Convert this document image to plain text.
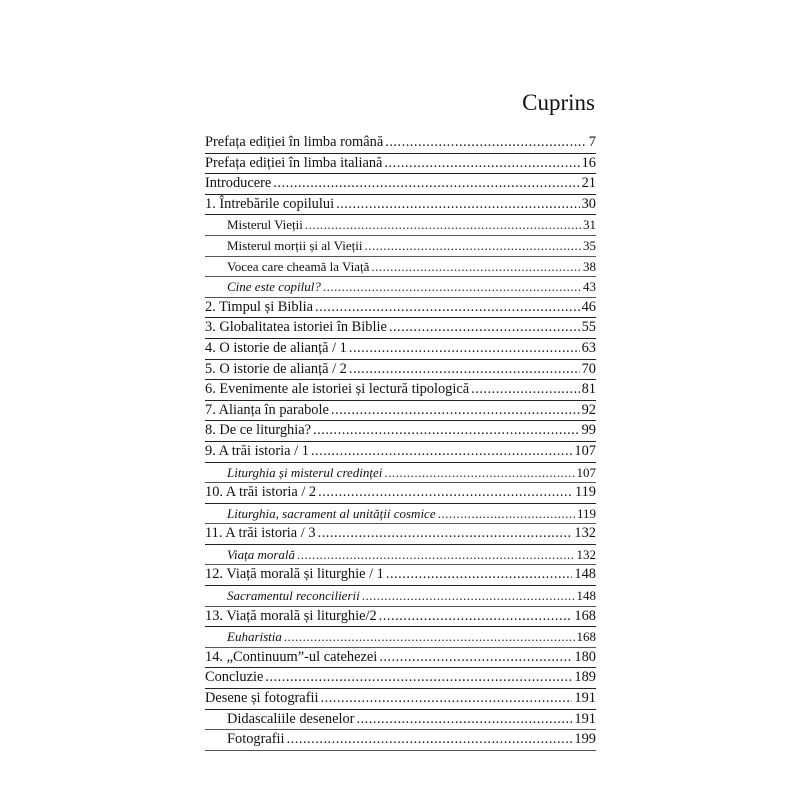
Cuprins
Prefața ediției în limba română .....	7
Prefața ediției în limba italiană .....	16
Introducere .....	21
1. Întrebările copilului .....	30
Misterul Vieții .....	31
Misterul morții și al Vieții .....	35
Vocea care cheamă la Viață .....	38
Cine este copilul? .....	43
2. Timpul și Biblia .....	46
3. Globalitatea istoriei în Biblie .....	55
4. O istorie de alianță / 1 .....	63
5. O istorie de alianță / 2 .....	70
6. Evenimente ale istoriei și lectură tipologică .....	81
7. Alianța în parabole .....	92
8. De ce liturghia? .....	99
9. A trăi istoria / 1 .....	107
Liturghia și misterul credinței .....	107
10. A trăi istoria / 2 .....	119
Liturghia, sacrament al unității cosmice .....	119
11. A trăi istoria / 3 .....	132
Viața morală .....	132
12. Viață morală și liturghie / 1 .....	148
Sacramentul reconcilierii .....	148
13. Viață morală și liturghie/2 .....	168
Euharistia .....	168
14. „Continuum”-ul catehezei .....	180
Concluzie .....	189
Desene și fotografii .....	191
Didascaliile desenelor .....	191
Fotografii .....	199
